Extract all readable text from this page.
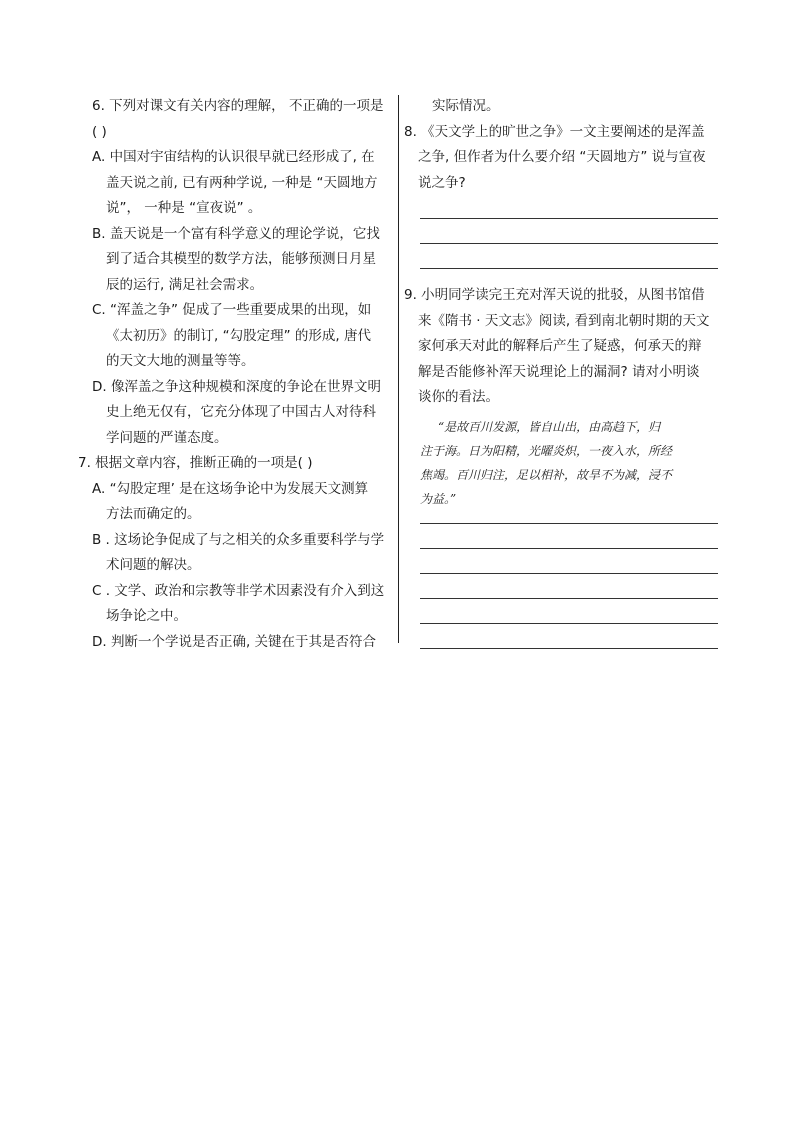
6. 下列对课文有关内容的理解， 不正确的一项是
( )
A. 中国对宇宙结构的认识很早就已经形成了, 在
盖天说之前, 已有两种学说, 一种是 “天圆地方
说”， 一种是 “宣夜说” 。
B. 盖天说是一个富有科学意义的理论学说，它找
到了适合其模型的数学方法，能够预测日月星
辰的运行, 满足社会需求。
C. “浑盖之争” 促成了一些重要成果的出现，如
《太初历》的制订, “勾股定理” 的形成, 唐代
的天文大地的测量等等。
D. 像浑盖之争这种规模和深度的争论在世界文明
史上绝无仅有，它充分体现了中国古人对待科
学问题的严谨态度。
7. 根据文章内容，推断正确的一项是( )
A. “勾股定理’ 是在这场争论中为发展天文测算
方法而确定的。
B . 这场论争促成了与之相关的众多重要科学与学
术问题的解决。
C . 文学、政治和宗教等非学术因素没有介入到这
场争论之中。
D. 判断一个学说是否正确, 关键在于其是否符合
实际情况。
8. 《天文学上的旷世之争》一文主要阐述的是浑盖
之争, 但作者为什么要介绍 “天圆地方” 说与宣夜
说之争?
9. 小明同学读完王充对浑天说的批驳，从图书馆借
来《隋书 · 天文志》阅读, 看到南北朝时期的天文
家何承天对此的解释后产生了疑惑，何承天的辩
解是否能修补浑天说理论上的漏洞? 请对小明谈
谈你的看法。
“是故百川发源，皆自山出，由高趋下，归
注于海。日为阳精，光曜炎炽，一夜入水，所经
焦竭。百川归注，足以相补，故旱不为减，浸不
为益。”
